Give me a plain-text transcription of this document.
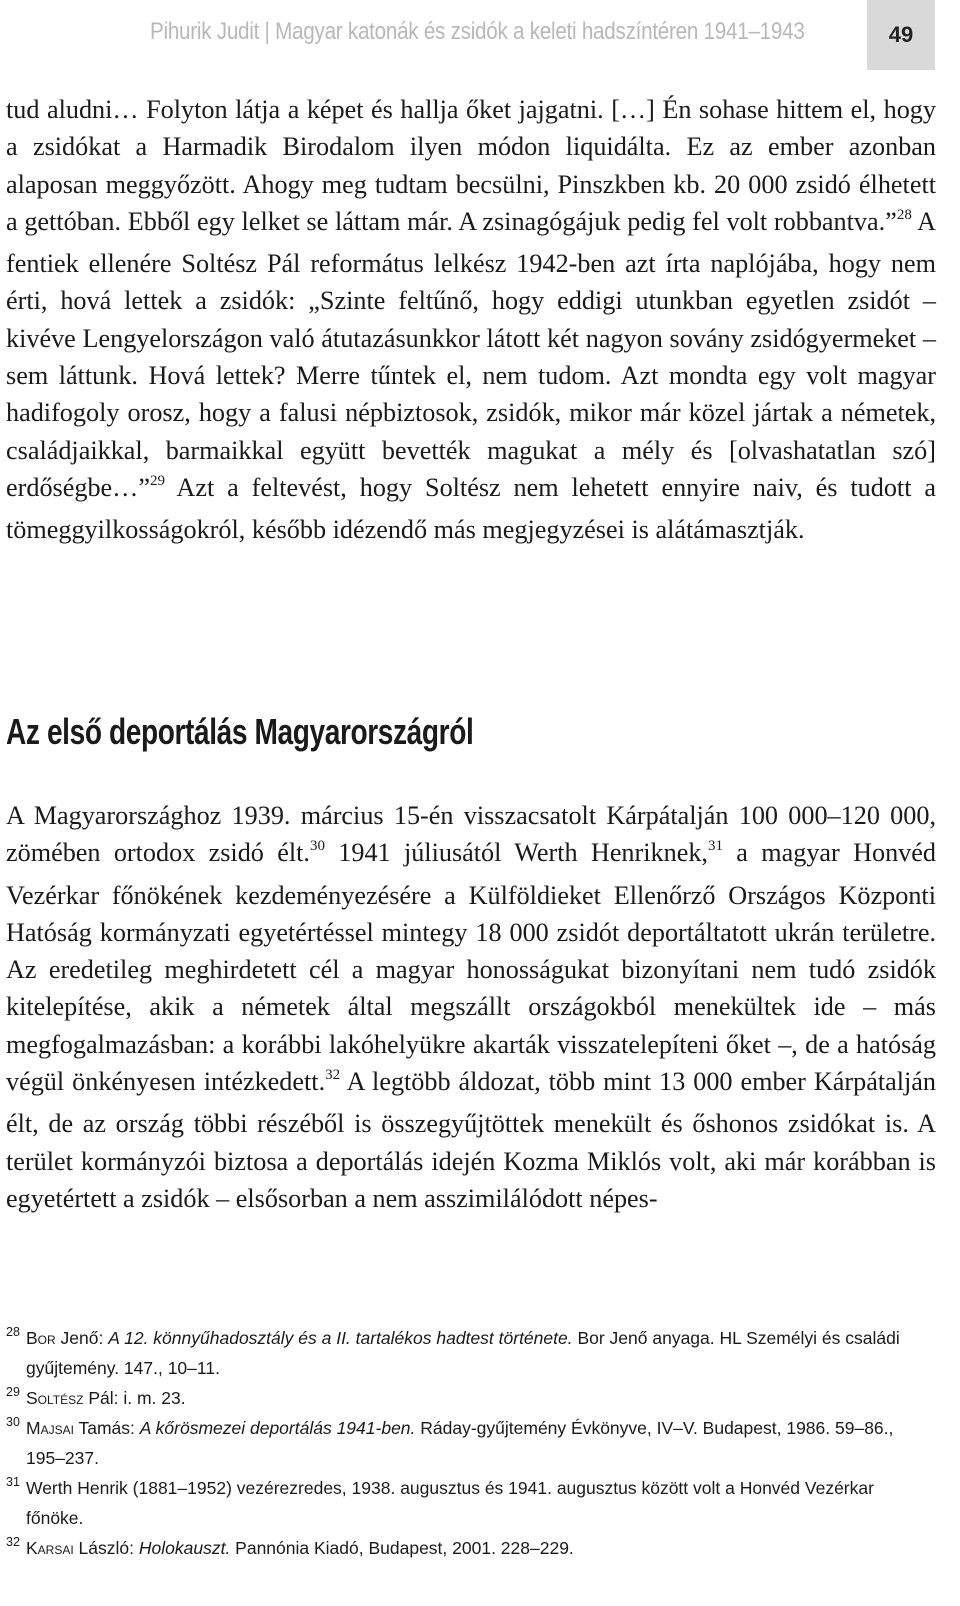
Pihurik Judit | Magyar katonák és zsidók a keleti hadszíntéren 1941–1943	49

tud aludni… Folyton látja a képet és hallja őket jajgatni. […] Én sohase hittem el, hogy a zsidókat a Harmadik Birodalom ilyen módon liquidálta. Ez az ember azonban alaposan meggyőzött. Ahogy meg tudtam becsülni, Pinszkben kb. 20 000 zsidó élhetett a gettóban. Ebből egy lelket se láttam már. A zsinagógájuk pedig fel volt robbantva.”$^{28}$ A fentiek ellenére Soltész Pál református lelkész 1942-ben azt írta naplójába, hogy nem érti, hová lettek a zsidók: „Szinte feltűnő, hogy eddigi utunkban egyetlen zsidót – kivéve Lengyelországon való átutazásunkkor látott két nagyon sovány zsidógyermeket – sem láttunk. Hová lettek? Merre tűntek el, nem tudom. Azt mondta egy volt magyar hadifogoly orosz, hogy a falusi népbiztosok, zsidók, mikor már közel jártak a németek, családjaikkal, barmaikkal együtt bevették magukat a mély és [olvashatatlan szó] erdőségbe…”$^{29}$ Azt a feltevést, hogy Soltész nem lehetett ennyire naiv, és tudott a tömeggyilkosságokról, később idézendő más megjegyzései is alátámasztják.

Az első deportálás Magyarországról

A Magyarországhoz 1939. március 15-én visszacsatolt Kárpátalján 100 000–120 000, zömében ortodox zsidó élt.$^{30}$ 1941 júliusától Werth Henriknek,$^{31}$ a magyar Honvéd Vezérkar főnökének kezdeményezésére a Külföldieket Ellenőrző Országos Központi Hatóság kormányzati egyetértéssel mintegy 18 000 zsidót deportáltatott ukrán területre. Az eredetileg meghirdetett cél a magyar honosságukat bizonyítani nem tudó zsidók kitelepítése, akik a németek által megszállt országokból menekültek ide – más megfogalmazásban: a korábbi lakóhelyükre akarták visszatelepíteni őket –, de a hatóság végül önkényesen intézkedett.$^{32}$ A legtöbb áldozat, több mint 13 000 ember Kárpátalján élt, de az ország többi részéből is összegyűjtöttek menekült és őshonos zsidókat is. A terület kormányzói biztosa a deportálás idején Kozma Miklós volt, aki már korábban is egyetértett a zsidók – elsősorban a nem asszimilálódott népes-

28 Bor Jenő: A 12. könnyűhadosztály és a II. tartalékos hadtest története. Bor Jenő anyaga. HL Személyi és családi gyűjtemény. 147., 10–11.

29 Soltész Pál: i. m. 23.

30 Majsai Tamás: A kőrösmezei deportálás 1941-ben. Ráday-gyűjtemény Évkönyve, IV–V. Budapest, 1986. 59–86., 195–237.

31 Werth Henrik (1881–1952) vezérezredes, 1938. augusztus és 1941. augusztus között volt a Honvéd Vezérkar főnöke.

32 Karsai László: Holokauszt. Pannónia Kiadó, Budapest, 2001. 228–229.
